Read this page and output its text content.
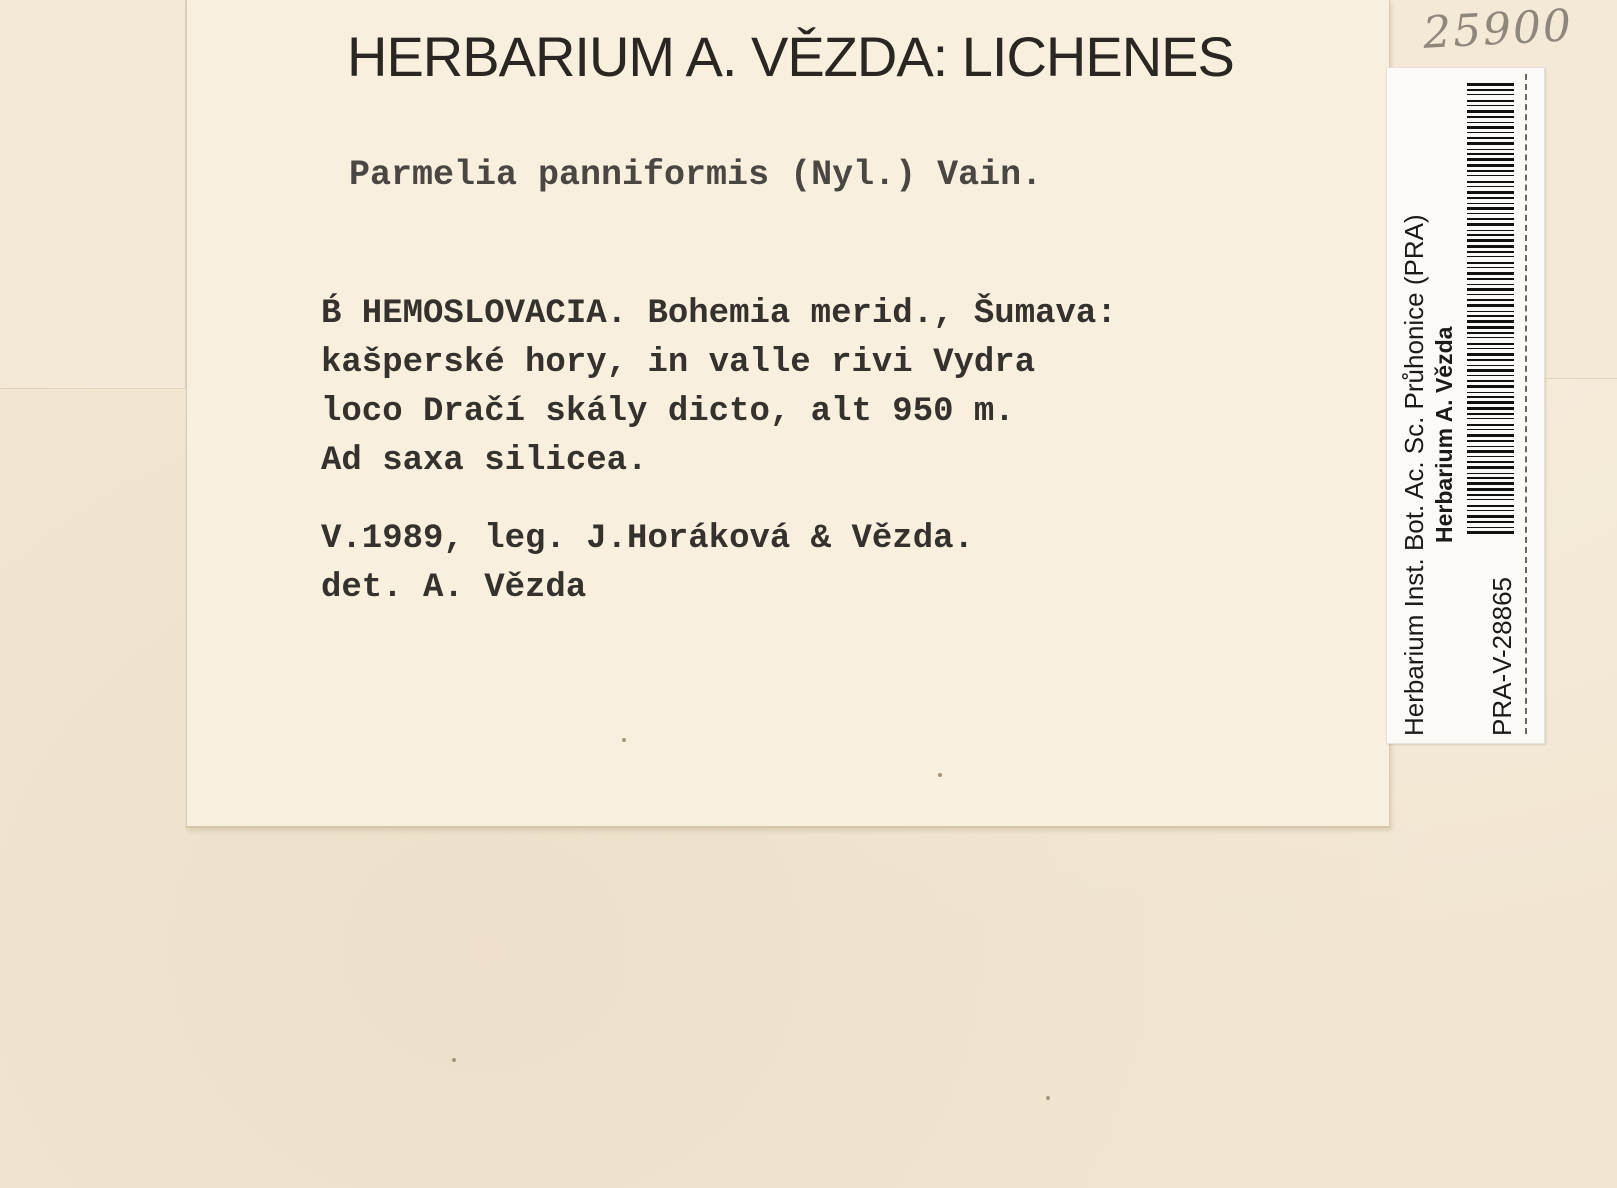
HERBARIUM A. VĚZDA: LICHENES
Parmelia panniformis (Nyl.) Vain.
B́ HEMOSLOVACIA. Bohemia merid., Šumava:
kašperské hory, in valle rivi Vydra
loco Dračí skály dicto, alt 950 m.
Ad saxa silicea.
V.1989, leg. J.Horáková & Vězda.
det. A. Vězda
25900
Herbarium Inst. Bot. Ac. Sc. Průhonice (PRA) Herbarium A. Vězda
PRA-V-28865
